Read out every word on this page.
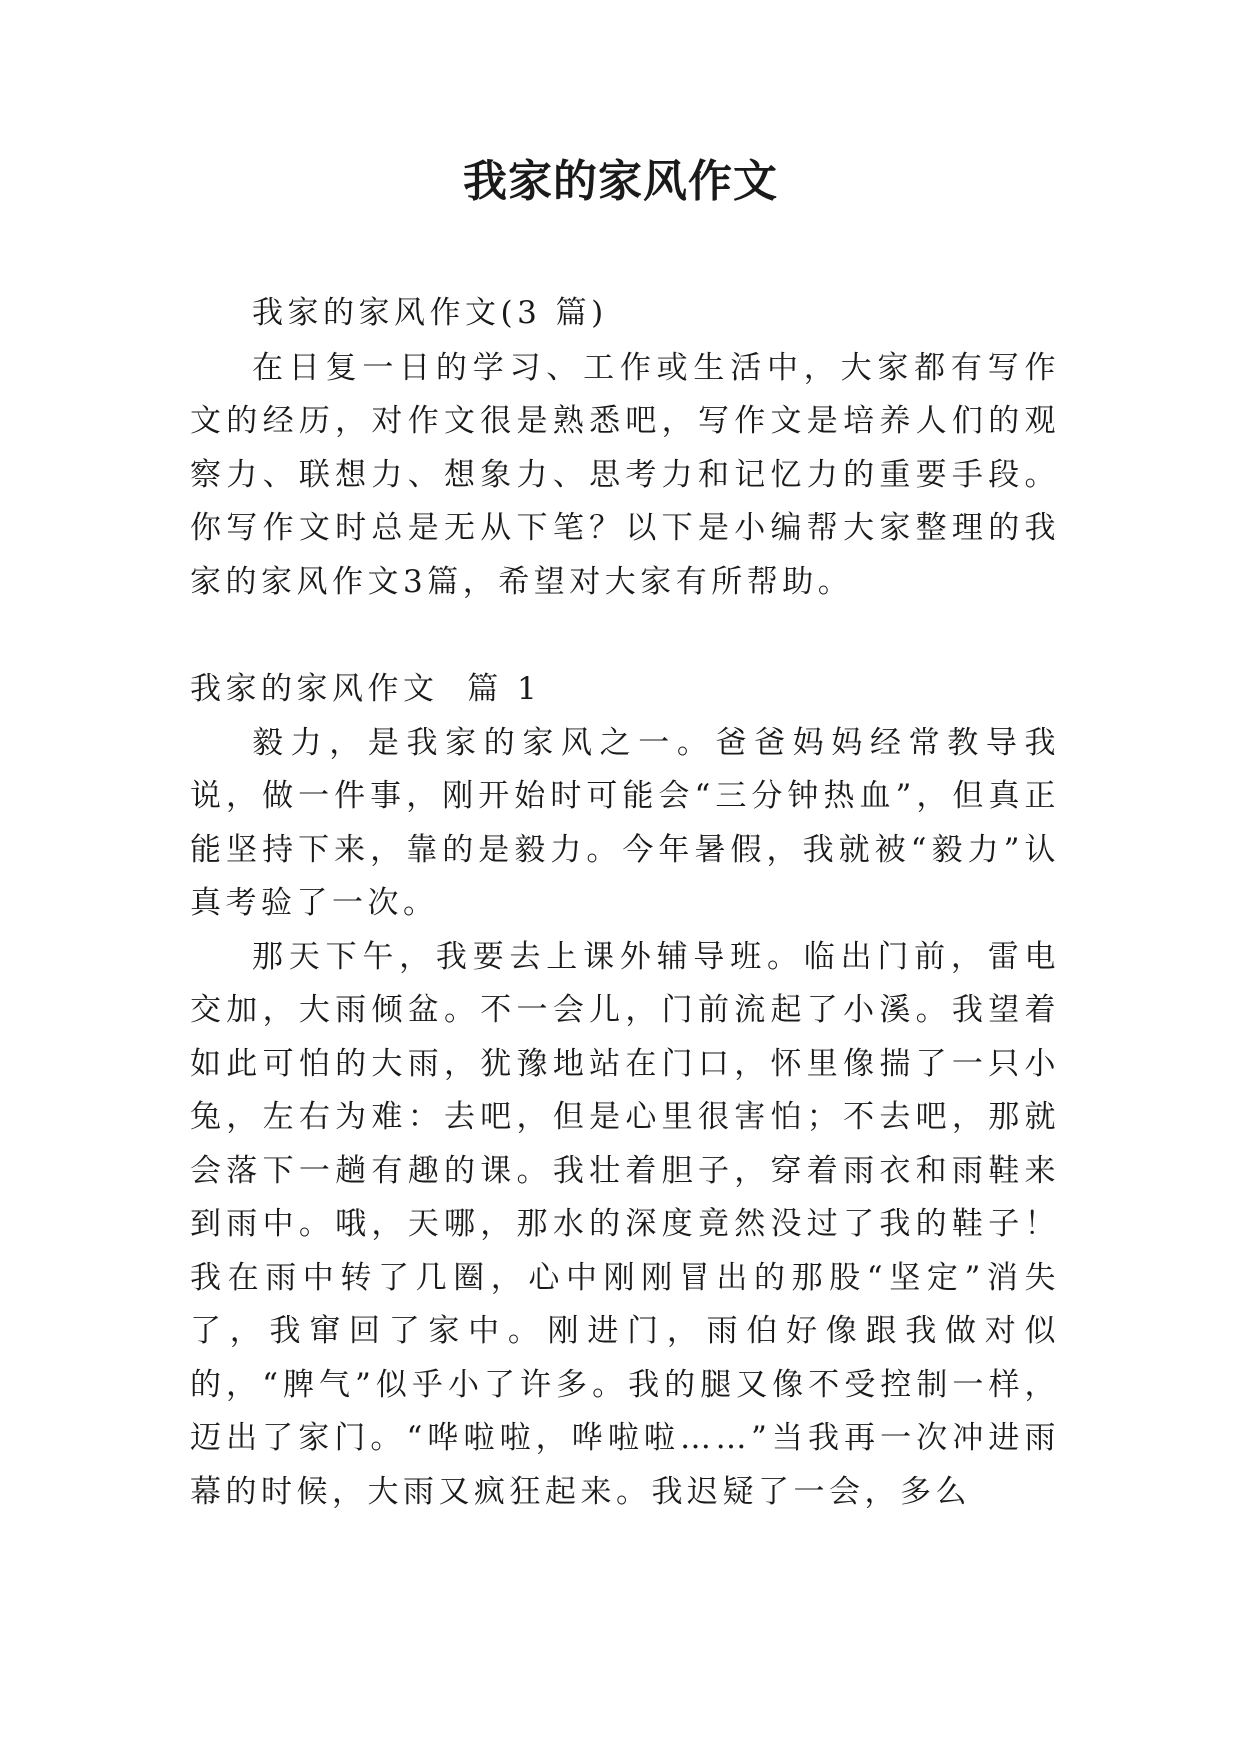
我家的家风作文

我家的家风作文(3 篇)

在日复一日的学习、工作或生活中，大家都有写作文的经历，对作文很是熟悉吧，写作文是培养人们的观察力、联想力、想象力、思考力和记忆力的重要手段。你写作文时总是无从下笔？以下是小编帮大家整理的我家的家风作文3篇，希望对大家有所帮助。

我家的家风作文  篇 1

毅力，是我家的家风之一。爸爸妈妈经常教导我说，做一件事，刚开始时可能会“三分钟热血”，但真正能坚持下来，靠的是毅力。今年暑假，我就被“毅力”认真考验了一次。

那天下午，我要去上课外辅导班。临出门前，雷电交加，大雨倾盆。不一会儿，门前流起了小溪。我望着如此可怕的大雨，犹豫地站在门口，怀里像揣了一只小兔，左右为难：去吧，但是心里很害怕；不去吧，那就会落下一趟有趣的课。我壮着胆子，穿着雨衣和雨鞋来到雨中。哦，天哪，那水的深度竟然没过了我的鞋子！我在雨中转了几圈，心中刚刚冒出的那股“坚定”消失了，我窜回了家中。刚进门，雨伯好像跟我做对似的，“脾气”似乎小了许多。我的腿又像不受控制一样，迈出了家门。“哗啦啦，哗啦啦……”当我再一次冲进雨幕的时候，大雨又疯狂起来。我迟疑了一会，多么
